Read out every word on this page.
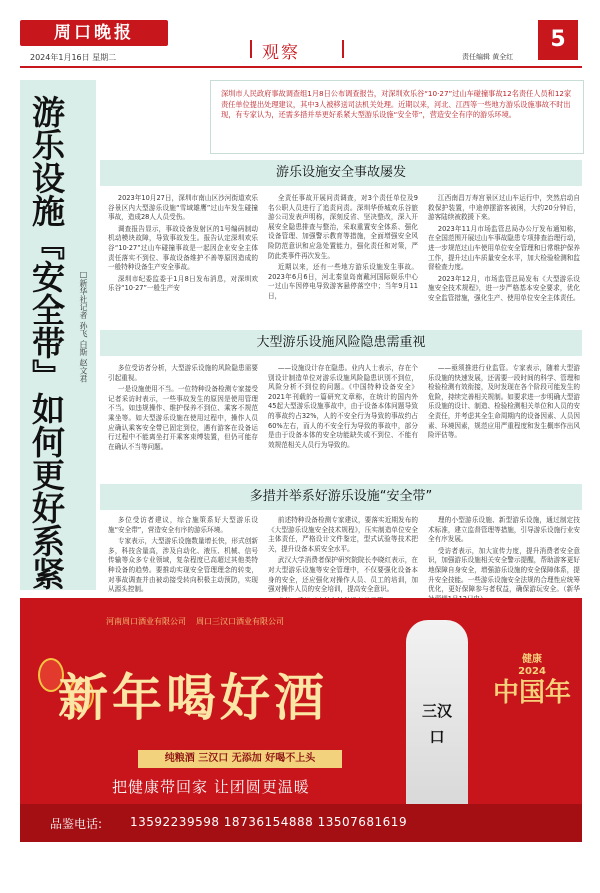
周口晚报
2024年1月16日 星期二	观察	责任编辑 黄全红
5
游乐设施『安全带』如何更好系紧	□新华社记者 孙飞 白斯 赵文君
深圳市人民政府事故调查组1月8日公布调查报告，对深圳欢乐谷“10·27”过山车碰撞事故12名责任人员和12家责任单位提出处理建议，其中3人被移送司法机关处理。近期以来，河北、江西等一些地方游乐设施事故不时出现，有专家认为，还需多措并举更好系紧大型游乐设施“安全带”，营造安全有序的游乐环境。
游乐设施安全事故屡发

2023年10月27日，深圳市南山区沙河街道欢乐谷景区内大型游乐设施“雪域雄鹰”过山车发生碰撞事故，造成28人人员受伤。

调查报告显示，事故设备发射区的1号编码制动机动模块故障，导致事故发生。报告认定深圳欢乐谷“10·27”过山车碰撞事故是一起因企业安全主体责任落实不到位、事故设备维护不善等原因造成的一般特种设备生产安全事故。

深圳市纪委监委于1月8日发布消息，对深圳欢乐谷“10·27”一般生产安

全责任事故开展问责调查，对3个责任单位及9名公职人员进行了追责问责。深圳华侨城欢乐谷旅游公司发表声明称，深刻反省、坚决整改，深入开展安全隐患排查与整治，采取重置安全体系、强化设备管理、加强警示教育等措施，全面增强安全风险防范意识和应急处置能力，强化责任和对策，严防此类事件再次发生。

近期以来，还有一些地方游乐设施发生事故。2023年6月6日，河北秦皇岛南戴河国际娱乐中心一过山车因停电导致游客悬停落空中；当年9月11日，

江西南昌万寿宫景区过山车运行中，突然启动自救保护装置，中途停摆游客被困，大约20分钟后，游客陆续被救援下来。

2023年11月市场监管总局办公厅发布通知称，在全国范围开展过山车事故隐患专项排查治理行动，进一步规范过山车使用单位安全管理和日常维护保养工作，提升过山车质量安全水平，加大检验检测和监督检查力度。

2023年12月，市场监管总局发布《大型游乐设施安全技术规程》，进一步严格基本安全要求，优化安全监管措施，强化生产、使用单位安全主体责任。

大型游乐设施风险隐患需重视

多位受访者分析，大型游乐设施的风险隐患需要引起重视。

一是设施使用不当。一位特种设备检测专家接受记者采访时表示，一些事故发生的原因是使用管理不当。如违规操作、维护保养不到位、乘客不规范乘坐等。如大型游乐设施在使用过程中，操作人员应确认乘客安全带已固定到位，遇有游客在设备运行过程中不能离坐打开乘客束缚装置，但仍可能存在确认不当等问题。

——设施设计存在隐患。业内人士表示，存在个别设计制造单位对游乐设施风险隐患识别不到位，风险分析不到位的问题。《中国特种设备安全》2021年刊载的一篇研究文章称，在统计的国内外45起大型游乐设施事故中，由于设备本体问题导致的事故约占32%，人的不安全行为导致的事故约占60%左右，而人的不安全行为导致的事故中，部分是由于设备本体的安全功能缺失或不到位、不能有效规范相关人员行为导致的。

——亟须推进行业监管。专家表示，随着大型游乐设施的快速发展，还需要一段时间的科学、管理和检验检测有效衔接，及时发现在各个阶段可能发生的危险，持续完善相关规制。如要求进一步明确大型游乐设施的设计、制造、检验检测相关单位和人员的安全责任，并考虑其全生命周期内的设备因素、人员因素、环境因素，规范应用严重程度和发生概率作出风险评估等。

多措并举系好游乐设施“安全带”

多位受访者建议，综合施策系好大型游乐设施“安全带”，营造安全有序的游乐环境。

专家表示，大型游乐设施数量增长快，形式创新多，科技含量高，涉及自动化、液压、机械、信号传输等众多专业领域，复杂程度已高超过其他类特种设备的趋势。要推动实现安全管理理念的转变，对事故调查并由被动接受转向积极主动预防，实现从源头控制。

前述特种设备检测专家建议，要落实近期发布的《大型游乐设施安全技术规程》，压实制造单位安全主体责任，严格设计文件鉴定，型式试验等技术把关，提升设备本质安全水平。

武汉大学消费者保护研究院院长李晓红表示，在对大型游乐设施等安全管理中，不仅要强化设备本身的安全，还应强化对操作人员、员工的培训，加强对操作人员的安全培训，提高安全意识。

理的小型游乐设施、新型游乐设施，通过制定技术标准，建立监督管理等措施，引导游乐设施行业安全有序发展。

受访者表示，加大宣传力度，提升消费者安全意识，加强游乐设施相关安全警示提醒，帮助游客更好地保障自身安全，增强游乐设施的安全保障体系，提升安全技能。一些游乐设施安全法规的合理性应统筹优化，更好保障参与者权益，确保游玩安全。（新华

河南周口酒业有限公司 周口三汉口酒业有限公司
新年喝好酒
纯粮酒 三汉口 无添加 好喝不上头
把健康带回家 让团圆更温暖
三汉口
健康
2024
中国年
品鉴电话: 13592239598 18736154888 13507681619
